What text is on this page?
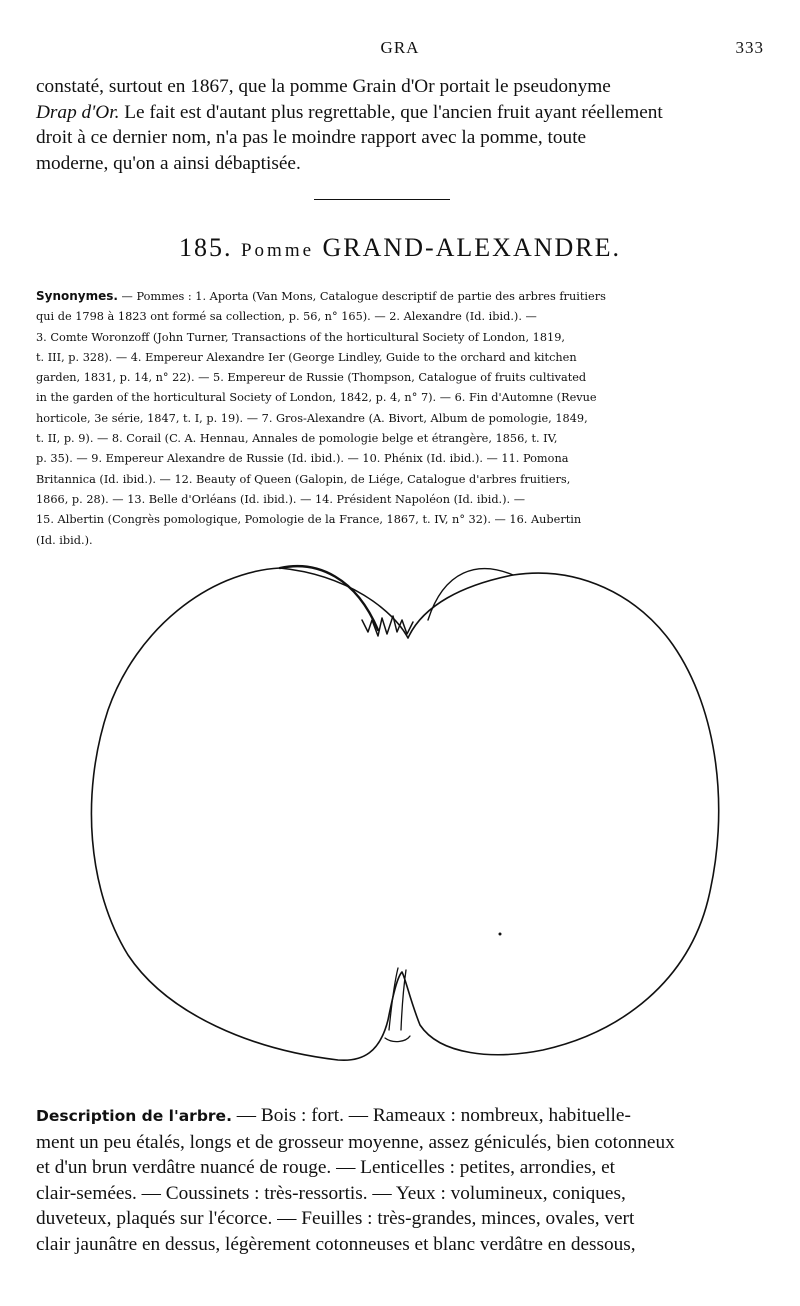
GRA	333
constaté, surtout en 1867, que la pomme Grain d'Or portait le pseudonyme
Drap d'Or. Le fait est d'autant plus regrettable, que l'ancien fruit ayant réellement
droit à ce dernier nom, n'a pas le moindre rapport avec la pomme, toute
moderne, qu'on a ainsi débaptisée.
185. Pomme GRAND-ALEXANDRE.
Synonymes. — Pommes : 1. Aporta (Van Mons, Catalogue descriptif de partie des arbres fruitiers
qui de 1798 à 1823 ont formé sa collection, p. 56, n° 165). — 2. Alexandre (Id. ibid.). —
3. Comte Woronzoff (John Turner, Transactions of the horticultural Society of London, 1819,
t. III, p. 328). — 4. Empereur Alexandre Ier (George Lindley, Guide to the orchard and kitchen
garden, 1831, p. 14, n° 22). — 5. Empereur de Russie (Thompson, Catalogue of fruits cultivated
in the garden of the horticultural Society of London, 1842, p. 4, n° 7). — 6. Fin d'Automne (Revue
horticole, 3e série, 1847, t. I, p. 19). — 7. Gros-Alexandre (A. Bivort, Album de pomologie, 1849,
t. II, p. 9). — 8. Corail (C. A. Hennau, Annales de pomologie belge et étrangère, 1856, t. IV,
p. 35). — 9. Empereur Alexandre de Russie (Id. ibid.). — 10. Phénix (Id. ibid.). — 11. Pomona
Britannica (Id. ibid.). — 12. Beauty of Queen (Galopin, de Liége, Catalogue d'arbres fruitiers,
1866, p. 28). — 13. Belle d'Orléans (Id. ibid.). — 14. Président Napoléon (Id. ibid.). —
15. Albertin (Congrès pomologique, Pomologie de la France, 1867, t. IV, n° 32). — 16. Aubertin
(Id. ibid.).
Description de l'arbre. — Bois : fort. — Rameaux : nombreux, habituelle-
ment un peu étalés, longs et de grosseur moyenne, assez géniculés, bien cotonneux
et d'un brun verdâtre nuancé de rouge. — Lenticelles : petites, arrondies, et
clair-semées. — Coussinets : très-ressortis. — Yeux : volumineux, coniques,
duveteux, plaqués sur l'écorce. — Feuilles : très-grandes, minces, ovales, vert
clair jaunâtre en dessus, légèrement cotonneuses et blanc verdâtre en dessous,
